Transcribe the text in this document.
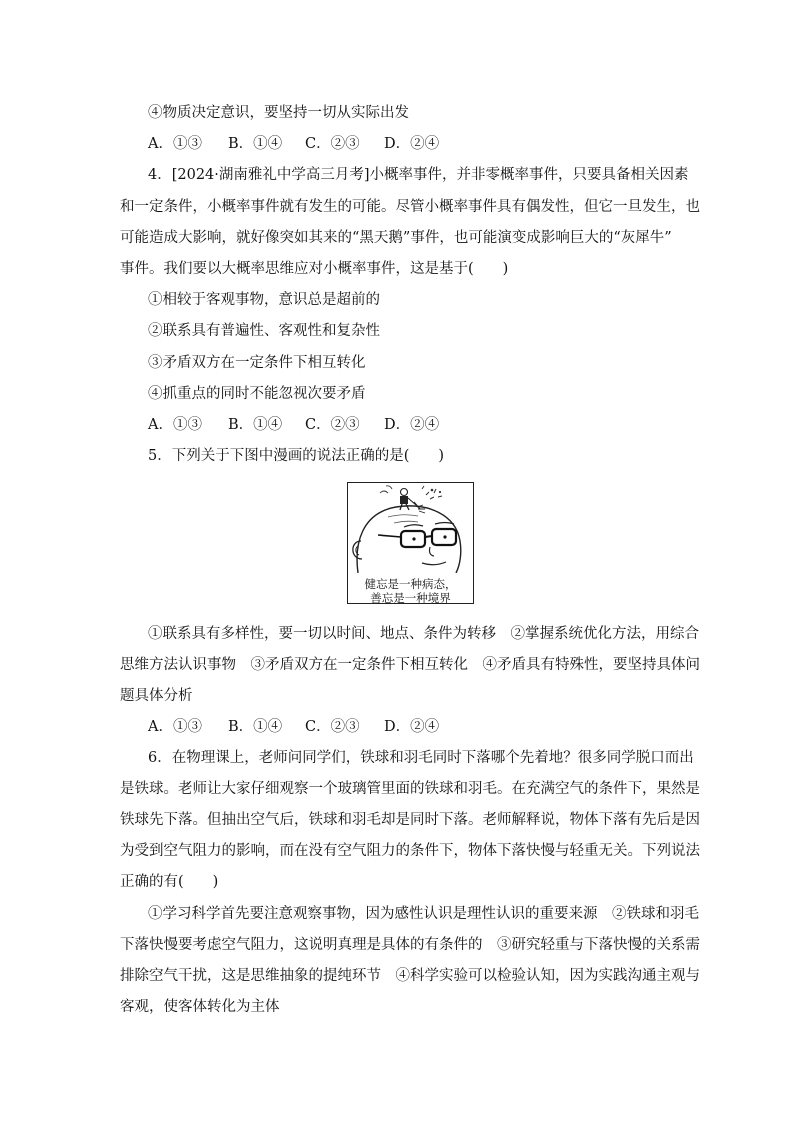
④物质决定意识，要坚持一切从实际出发
A．①③ B．①④ C．②③ D．②④
4．[2024·湖南雅礼中学高三月考]小概率事件，并非零概率事件，只要具备相关因素
和一定条件，小概率事件就有发生的可能。尽管小概率事件具有偶发性，但它一旦发生，也
可能造成大影响，就好像突如其来的“黑天鹅”事件，也可能演变成影响巨大的“灰犀牛”
事件。我们要以大概率思维应对小概率事件，这是基于(　　)
①相较于客观事物，意识总是超前的
②联系具有普遍性、客观性和复杂性
③矛盾双方在一定条件下相互转化
④抓重点的同时不能忽视次要矛盾
A．①③ B．①④ C．②③ D．②④
5．下列关于下图中漫画的说法正确的是(　　)
健忘是一种病态，
善忘是一种境界
①联系具有多样性，要一切以时间、地点、条件为转移　②掌握系统优化方法，用综合
思维方法认识事物　③矛盾双方在一定条件下相互转化　④矛盾具有特殊性，要坚持具体问
题具体分析
A．①③ B．①④ C．②③ D．②④
6．在物理课上，老师问同学们，铁球和羽毛同时下落哪个先着地？很多同学脱口而出
是铁球。老师让大家仔细观察一个玻璃管里面的铁球和羽毛。在充满空气的条件下，果然是
铁球先下落。但抽出空气后，铁球和羽毛却是同时下落。老师解释说，物体下落有先后是因
为受到空气阻力的影响，而在没有空气阻力的条件下，物体下落快慢与轻重无关。下列说法
正确的有(　　)
①学习科学首先要注意观察事物，因为感性认识是理性认识的重要来源　②铁球和羽毛
下落快慢要考虑空气阻力，这说明真理是具体的有条件的　③研究轻重与下落快慢的关系需
排除空气干扰，这是思维抽象的提纯环节　④科学实验可以检验认知，因为实践沟通主观与
客观，使客体转化为主体
